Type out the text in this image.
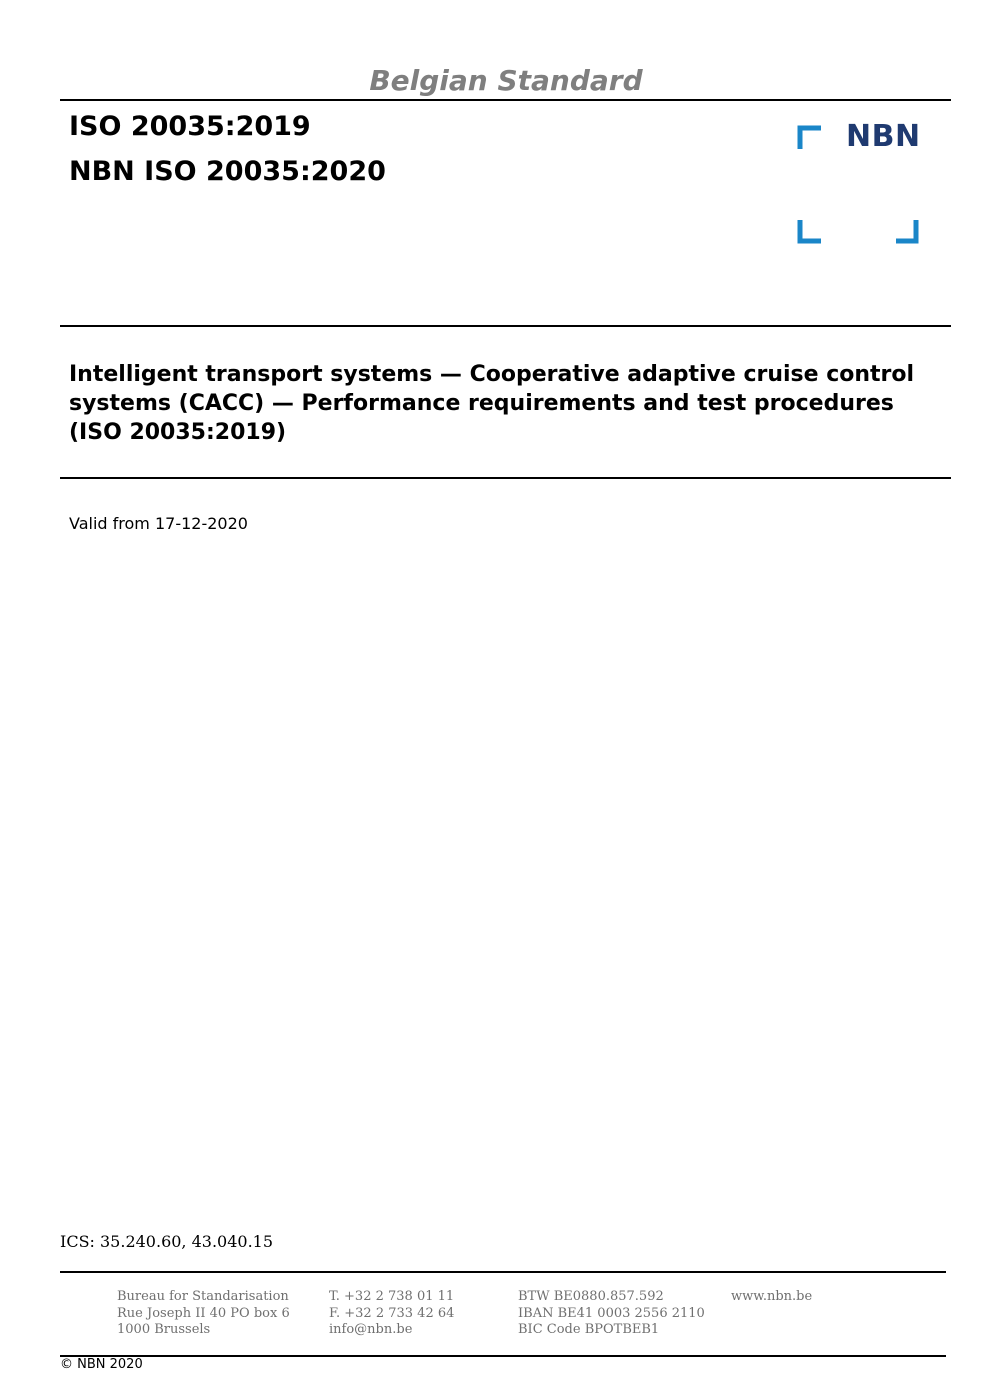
Belgian Standard
ISO 20035:2019
NBN ISO 20035:2020
NBN
Intelligent transport systems — Cooperative adaptive cruise control systems (CACC) — Performance requirements and test procedures (ISO 20035:2019)
Valid from 17-12-2020
ICS: 35.240.60, 43.040.15
Bureau for Standarisation
Rue Joseph II 40 PO box 6
1000 Brussels
T. +32 2 738 01 11
F. +32 2 733 42 64
info@nbn.be
BTW BE0880.857.592
IBAN BE41 0003 2556 2110
BIC Code BPOTBEB1
www.nbn.be
© NBN 2020
